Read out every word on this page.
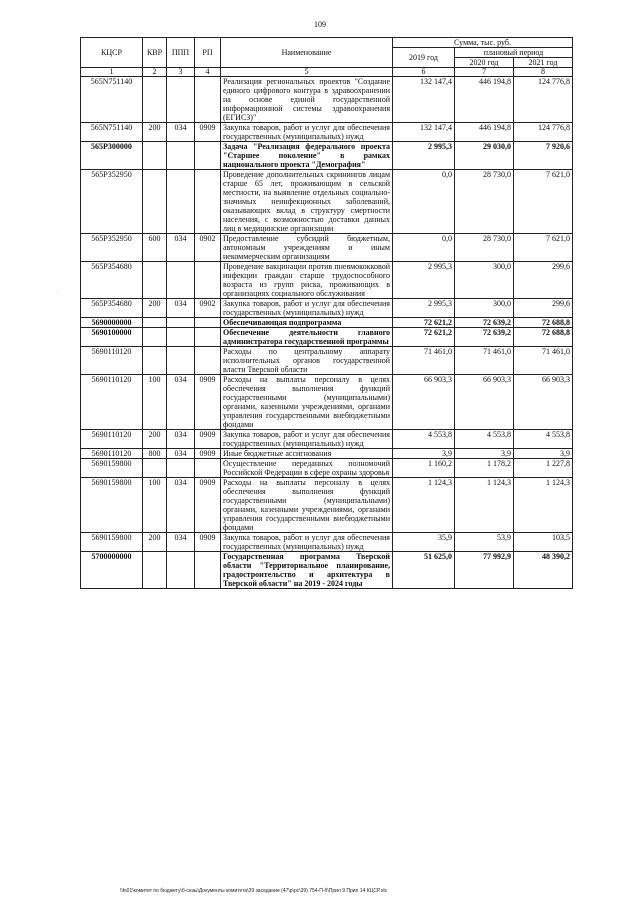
109
·
КЦСР	КВР	ППП	РП	Наименование	Сумма, тыс. руб.		
					2019 год	плановый период	
						2020 год	2021 год
1	2	3	4	5	6	7	8
565N751140				Реализация региональных проектов "Создание единого цифрового контура в здравоохранении на основе единой государственной информационной системы здравоохранения (ЕГИСЗ)"	132 147,4	446 194,8	124 776,8
565N751140	200	034	0909	Закупка товаров, работ и услуг для обеспечения государственных (муниципальных) нужд	132 147,4	446 194,8	124 776,8
565P300000				Задача "Реализация федерального проекта "Старшее поколение" в рамках национального проекта "Демография"	2 995,3	29 030,0	7 920,6
565P352950				Проведение дополнительных скринингов лицам старше 65 лет, проживающим в сельской местности, на выявление отдельных социально-значимых неинфекционных заболеваний, оказывающих вклад в структуру смертности населения, с возможностью доставки данных лиц в медицинские организации	0,0	28 730,0	7 621,0
565P352950	600	034	0902	Предоставление субсидий бюджетным, автономным учреждениям и иным некоммерческим организациям	0,0	28 730,0	7 621,0
565P354680				Проведение вакцинации против пневмококковой инфекции граждан старше трудоспособного возраста из групп риска, проживающих в организациях социального обслуживания	2 995,3	300,0	299,6
565P354680	200	034	0902	Закупка товаров, работ и услуг для обеспечения государственных (муниципальных) нужд	2 995,3	300,0	299,6
5690000000				Обеспечивающая подпрограмма	72 621,2	72 639,2	72 688,8
5690100000				Обеспечение деятельности главного администратора государственной программы	72 621,2	72 639,2	72 688,8
5690110120				Расходы по центральному аппарату исполнительных органов государственной власти Тверской области	71 461,0	71 461,0	71 461,0
5690110120	100	034	0909	Расходы на выплаты персоналу в целях обеспечения выполнения функций государственными (муниципальными) органами, казенными учреждениями, органами управления государственными внебюджетными фондами	66 903,3	66 903,3	66 903,3
5690110120	200	034	0909	Закупка товаров, работ и услуг для обеспечения государственных (муниципальных) нужд	4 553,8	4 553,8	4 553,8
5690110120	800	034	0909	Иные бюджетные ассигнования	3,9	3,9	3,9
5690159800				Осуществление переданных полномочий Российской Федерации в сфере охраны здоровья	1 160,2	1 178,2	1 227,8
5690159800	100	034	0909	Расходы на выплаты персоналу в целях обеспечения выполнения функций государственными (муниципальными) органами, казенными учреждениями, органами управления государственными внебюджетными фондами	1 124,3	1 124,3	1 124,3
5690159800	200	034	0909	Закупка товаров, работ и услуг для обеспечения государственных (муниципальных) нужд	35,9	53,9	103,5
5700000000				Государственная программа Тверской области "Территориальное планирование, градостроительство и архитектура в Тверской области" на 2019 - 2024 годы	51 625,0	77 992,9	48 390,2
\\fs01\комитет по бюджету\б-сезы\Документы комитета\39 заседание (47\р\рс\39) 754-П-б\Прил 9 Прил 14 КЦСР.xls
